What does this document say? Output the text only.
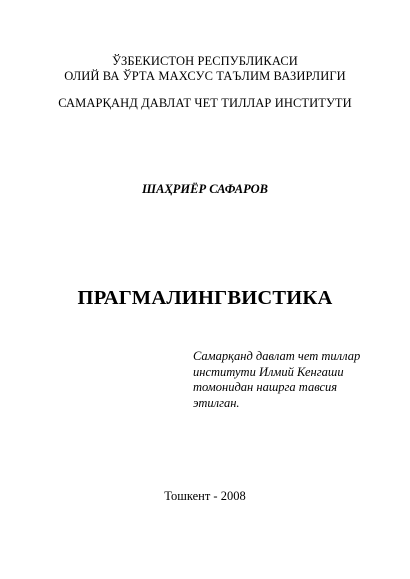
ЎЗБЕКИСТОН РЕСПУБЛИКАСИ
ОЛИЙ ВА ЎРТА МАХСУС ТАЪЛИМ ВАЗИРЛИГИ
САМАРҚАНД ДАВЛАТ ЧЕТ ТИЛЛАР ИНСТИТУТИ
ШАҲРИЁР САФАРОВ
ПРАГМАЛИНГВИСТИКА
Самарқанд давлат чет тиллар
институти Илмий Кенгаши
томонидан нашрга тавсия
этилган.
Тошкент - 2008
